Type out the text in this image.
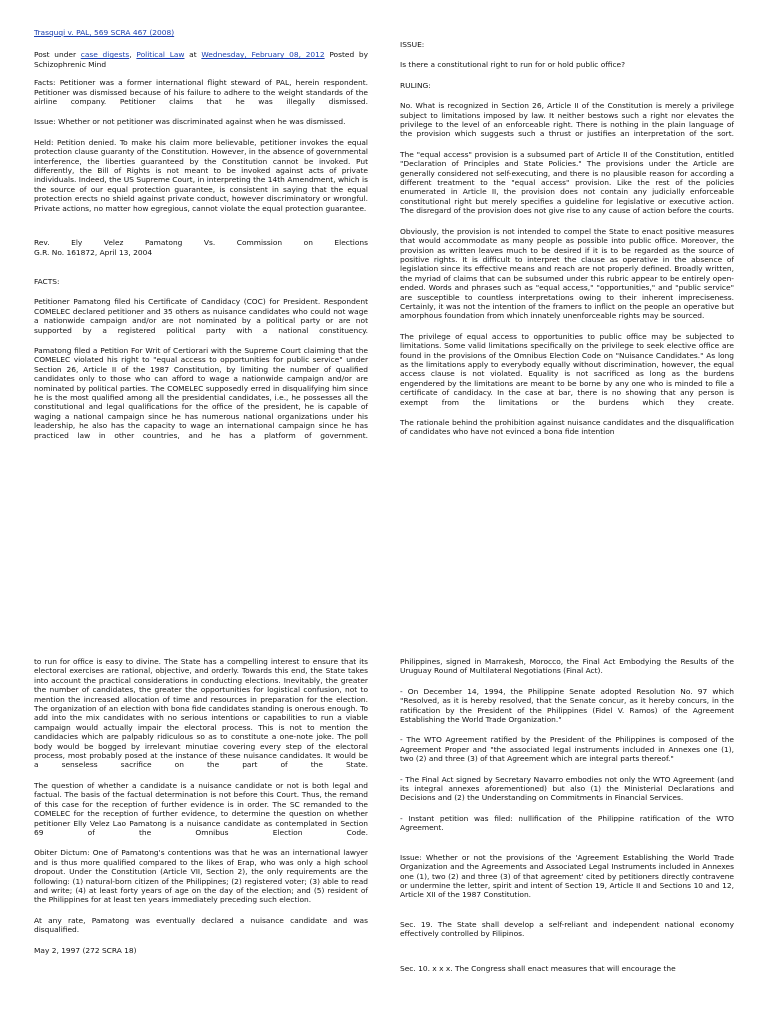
Trasquqi v. PAL, 569 SCRA 467 (2008)

Post under case digests, Political Law at Wednesday, February 08, 2012 Posted by Schizophrenic Mind

Facts: Petitioner was a former international flight steward of PAL, herein respondent. Petitioner was dismissed because of his failure to adhere to the weight standards of the airline company. Petitioner claims that he was illegally dismissed.

Issue: Whether or not petitioner was discriminated against when he was dismissed.

Held: Petition denied. To make his claim more believable, petitioner invokes the equal protection clause guaranty of the Constitution. However, in the absence of governmental interference, the liberties guaranteed by the Constitution cannot be invoked. Put differently, the Bill of Rights is not meant to be invoked against acts of private individuals. Indeed, the US Supreme Court, in interpreting the 14th Amendment, which is the source of our equal protection guarantee, is consistent in saying that the equal protection erects no shield against private conduct, however discriminatory or wrongful. Private actions, no matter how egregious, cannot violate the equal protection guarantee.

Rev. Ely Velez Pamatong Vs. Commission on Elections

G.R. No. 161872, April 13, 2004

FACTS:

Petitioner Pamatong filed his Certificate of Candidacy (COC) for President. Respondent COMELEC declared petitioner and 35 others as nuisance candidates who could not wage a nationwide campaign and/or are not nominated by a political party or are not supported by a registered political party with a national constituency.

Pamatong filed a Petition For Writ of Certiorari with the Supreme Court claiming that the COMELEC violated his right to "equal access to opportunities for public service" under Section 26, Article II of the 1987 Constitution, by limiting the number of qualified candidates only to those who can afford to wage a nationwide campaign and/or are nominated by political parties. The COMELEC supposedly erred in disqualifying him since he is the most qualified among all the presidential candidates, i.e., he possesses all the constitutional and legal qualifications for the office of the president, he is capable of waging a national campaign since he has numerous national organizations under his leadership, he also has the capacity to wage an international campaign since he has practiced law in other countries, and he has a platform of government.

ISSUE:

Is there a constitutional right to run for or hold public office?

RULING:

No. What is recognized in Section 26, Article II of the Constitution is merely a privilege subject to limitations imposed by law. It neither bestows such a right nor elevates the privilege to the level of an enforceable right. There is nothing in the plain language of the provision which suggests such a thrust or justifies an interpretation of the sort.

The "equal access" provision is a subsumed part of Article II of the Constitution, entitled "Declaration of Principles and State Policies." The provisions under the Article are generally considered not self-executing, and there is no plausible reason for according a different treatment to the "equal access" provision. Like the rest of the policies enumerated in Article II, the provision does not contain any judicially enforceable constitutional right but merely specifies a guideline for legislative or executive action. The disregard of the provision does not give rise to any cause of action before the courts.

Obviously, the provision is not intended to compel the State to enact positive measures that would accommodate as many people as possible into public office. Moreover, the provision as written leaves much to be desired if it is to be regarded as the source of positive rights. It is difficult to interpret the clause as operative in the absence of legislation since its effective means and reach are not properly defined. Broadly written, the myriad of claims that can be subsumed under this rubric appear to be entirely open-ended. Words and phrases such as "equal access," "opportunities," and "public service" are susceptible to countless interpretations owing to their inherent impreciseness. Certainly, it was not the intention of the framers to inflict on the people an operative but amorphous foundation from which innately unenforceable rights may be sourced.

The privilege of equal access to opportunities to public office may be subjected to limitations. Some valid limitations specifically on the privilege to seek elective office are found in the provisions of the Omnibus Election Code on "Nuisance Candidates." As long as the limitations apply to everybody equally without discrimination, however, the equal access clause is not violated. Equality is not sacrificed as long as the burdens engendered by the limitations are meant to be borne by any one who is minded to file a certificate of candidacy. In the case at bar, there is no showing that any person is exempt from the limitations or the burdens which they create.

The rationale behind the prohibition against nuisance candidates and the disqualification of candidates who have not evinced a bona fide intention

to run for office is easy to divine. The State has a compelling interest to ensure that its electoral exercises are rational, objective, and orderly. Towards this end, the State takes into account the practical considerations in conducting elections. Inevitably, the greater the number of candidates, the greater the opportunities for logistical confusion, not to mention the increased allocation of time and resources in preparation for the election. The organization of an election with bona fide candidates standing is onerous enough. To add into the mix candidates with no serious intentions or capabilities to run a viable campaign would actually impair the electoral process. This is not to mention the candidacies which are palpably ridiculous so as to constitute a one-note joke. The poll body would be bogged by irrelevant minutiae covering every step of the electoral process, most probably posed at the instance of these nuisance candidates. It would be a senseless sacrifice on the part of the State.

The question of whether a candidate is a nuisance candidate or not is both legal and factual. The basis of the factual determination is not before this Court. Thus, the remand of this case for the reception of further evidence is in order. The SC remanded to the COMELEC for the reception of further evidence, to determine the question on whether petitioner Elly Velez Lao Pamatong is a nuisance candidate as contemplated in Section 69 of the Omnibus Election Code.

Obiter Dictum: One of Pamatong's contentions was that he was an international lawyer and is thus more qualified compared to the likes of Erap, who was only a high school dropout. Under the Constitution (Article VII, Section 2), the only requirements are the following: (1) natural-born citizen of the Philippines; (2) registered voter; (3) able to read and write; (4) at least forty years of age on the day of the election; and (5) resident of the Philippines for at least ten years immediately preceding such election.

At any rate, Pamatong was eventually declared a nuisance candidate and was disqualified.

May 2, 1997 (272 SCRA 18)

Philippines, signed in Marrakesh, Morocco, the Final Act Embodying the Results of the Uruguay Round of Multilateral Negotiations (Final Act).

- On December 14, 1994, the Philippine Senate adopted Resolution No. 97 which "Resolved, as it is hereby resolved, that the Senate concur, as it hereby concurs, in the ratification by the President of the Philippines (Fidel V. Ramos) of the Agreement Establishing the World Trade Organization."

- The WTO Agreement ratified by the President of the Philippines is composed of the Agreement Proper and "the associated legal instruments included in Annexes one (1), two (2) and three (3) of that Agreement which are integral parts thereof."

- The Final Act signed by Secretary Navarro embodies not only the WTO Agreement (and its integral annexes aforementioned) but also (1) the Ministerial Declarations and Decisions and (2) the Understanding on Commitments in Financial Services.

- Instant petition was filed: nullification of the Philippine ratification of the WTO Agreement.

Issue: Whether or not the provisions of the 'Agreement Establishing the World Trade Organization and the Agreements and Associated Legal Instruments included in Annexes one (1), two (2) and three (3) of that agreement' cited by petitioners directly contravene or undermine the letter, spirit and intent of Section 19, Article II and Sections 10 and 12, Article XII of the 1987 Constitution.

Sec. 19. The State shall develop a self-reliant and independent national economy effectively controlled by Filipinos.

Sec. 10. x x x. The Congress shall enact measures that will encourage the
